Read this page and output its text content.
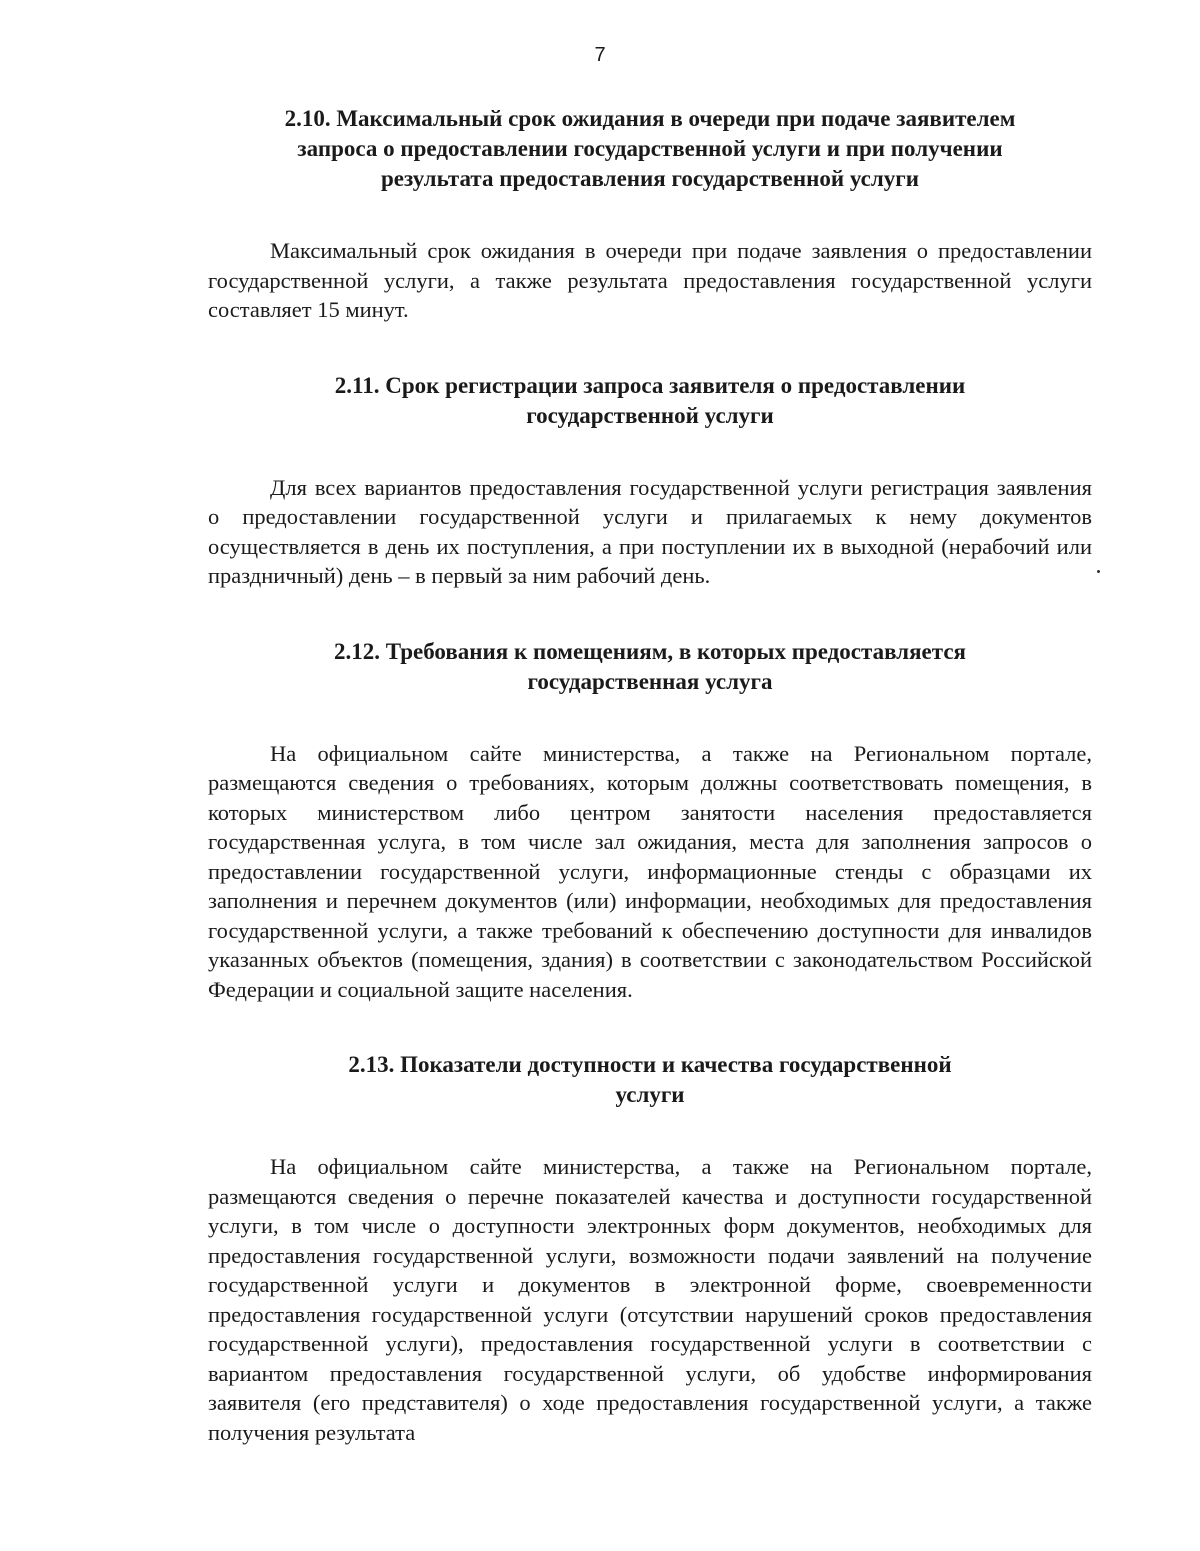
7
2.10. Максимальный срок ожидания в очереди при подаче заявителем запроса о предоставлении государственной услуги и при получении результата предоставления государственной услуги

Максимальный срок ожидания в очереди при подаче заявления о предоставлении государственной услуги, а также результата предоставления государственной услуги составляет 15 минут.

2.11. Срок регистрации запроса заявителя о предоставлении государственной услуги

Для всех вариантов предоставления государственной услуги регистрация заявления о предоставлении государственной услуги и прилагаемых к нему документов осуществляется в день их поступления, а при поступлении их в выходной (нерабочий или праздничный) день – в первый за ним рабочий день.

2.12. Требования к помещениям, в которых предоставляется государственная услуга

На официальном сайте министерства, а также на Региональном портале, размещаются сведения о требованиях, которым должны соответствовать помещения, в которых министерством либо центром занятости населения предоставляется государственная услуга, в том числе зал ожидания, места для заполнения запросов о предоставлении государственной услуги, информационные стенды с образцами их заполнения и перечнем документов (или) информации, необходимых для предоставления государственной услуги, а также требований к обеспечению доступности для инвалидов указанных объектов (помещения, здания) в соответствии с законодательством Российской Федерации и социальной защите населения.

2.13. Показатели доступности и качества государственной услуги

На официальном сайте министерства, а также на Региональном портале, размещаются сведения о перечне показателей качества и доступности государственной услуги, в том числе о доступности электронных форм документов, необходимых для предоставления государственной услуги, возможности подачи заявлений на получение государственной услуги и документов в электронной форме, своевременности предоставления государственной услуги (отсутствии нарушений сроков предоставления государственной услуги), предоставления государственной услуги в соответствии с вариантом предоставления государственной услуги, об удобстве информирования заявителя (его представителя) о ходе предоставления государственной услуги, а также получения результата
